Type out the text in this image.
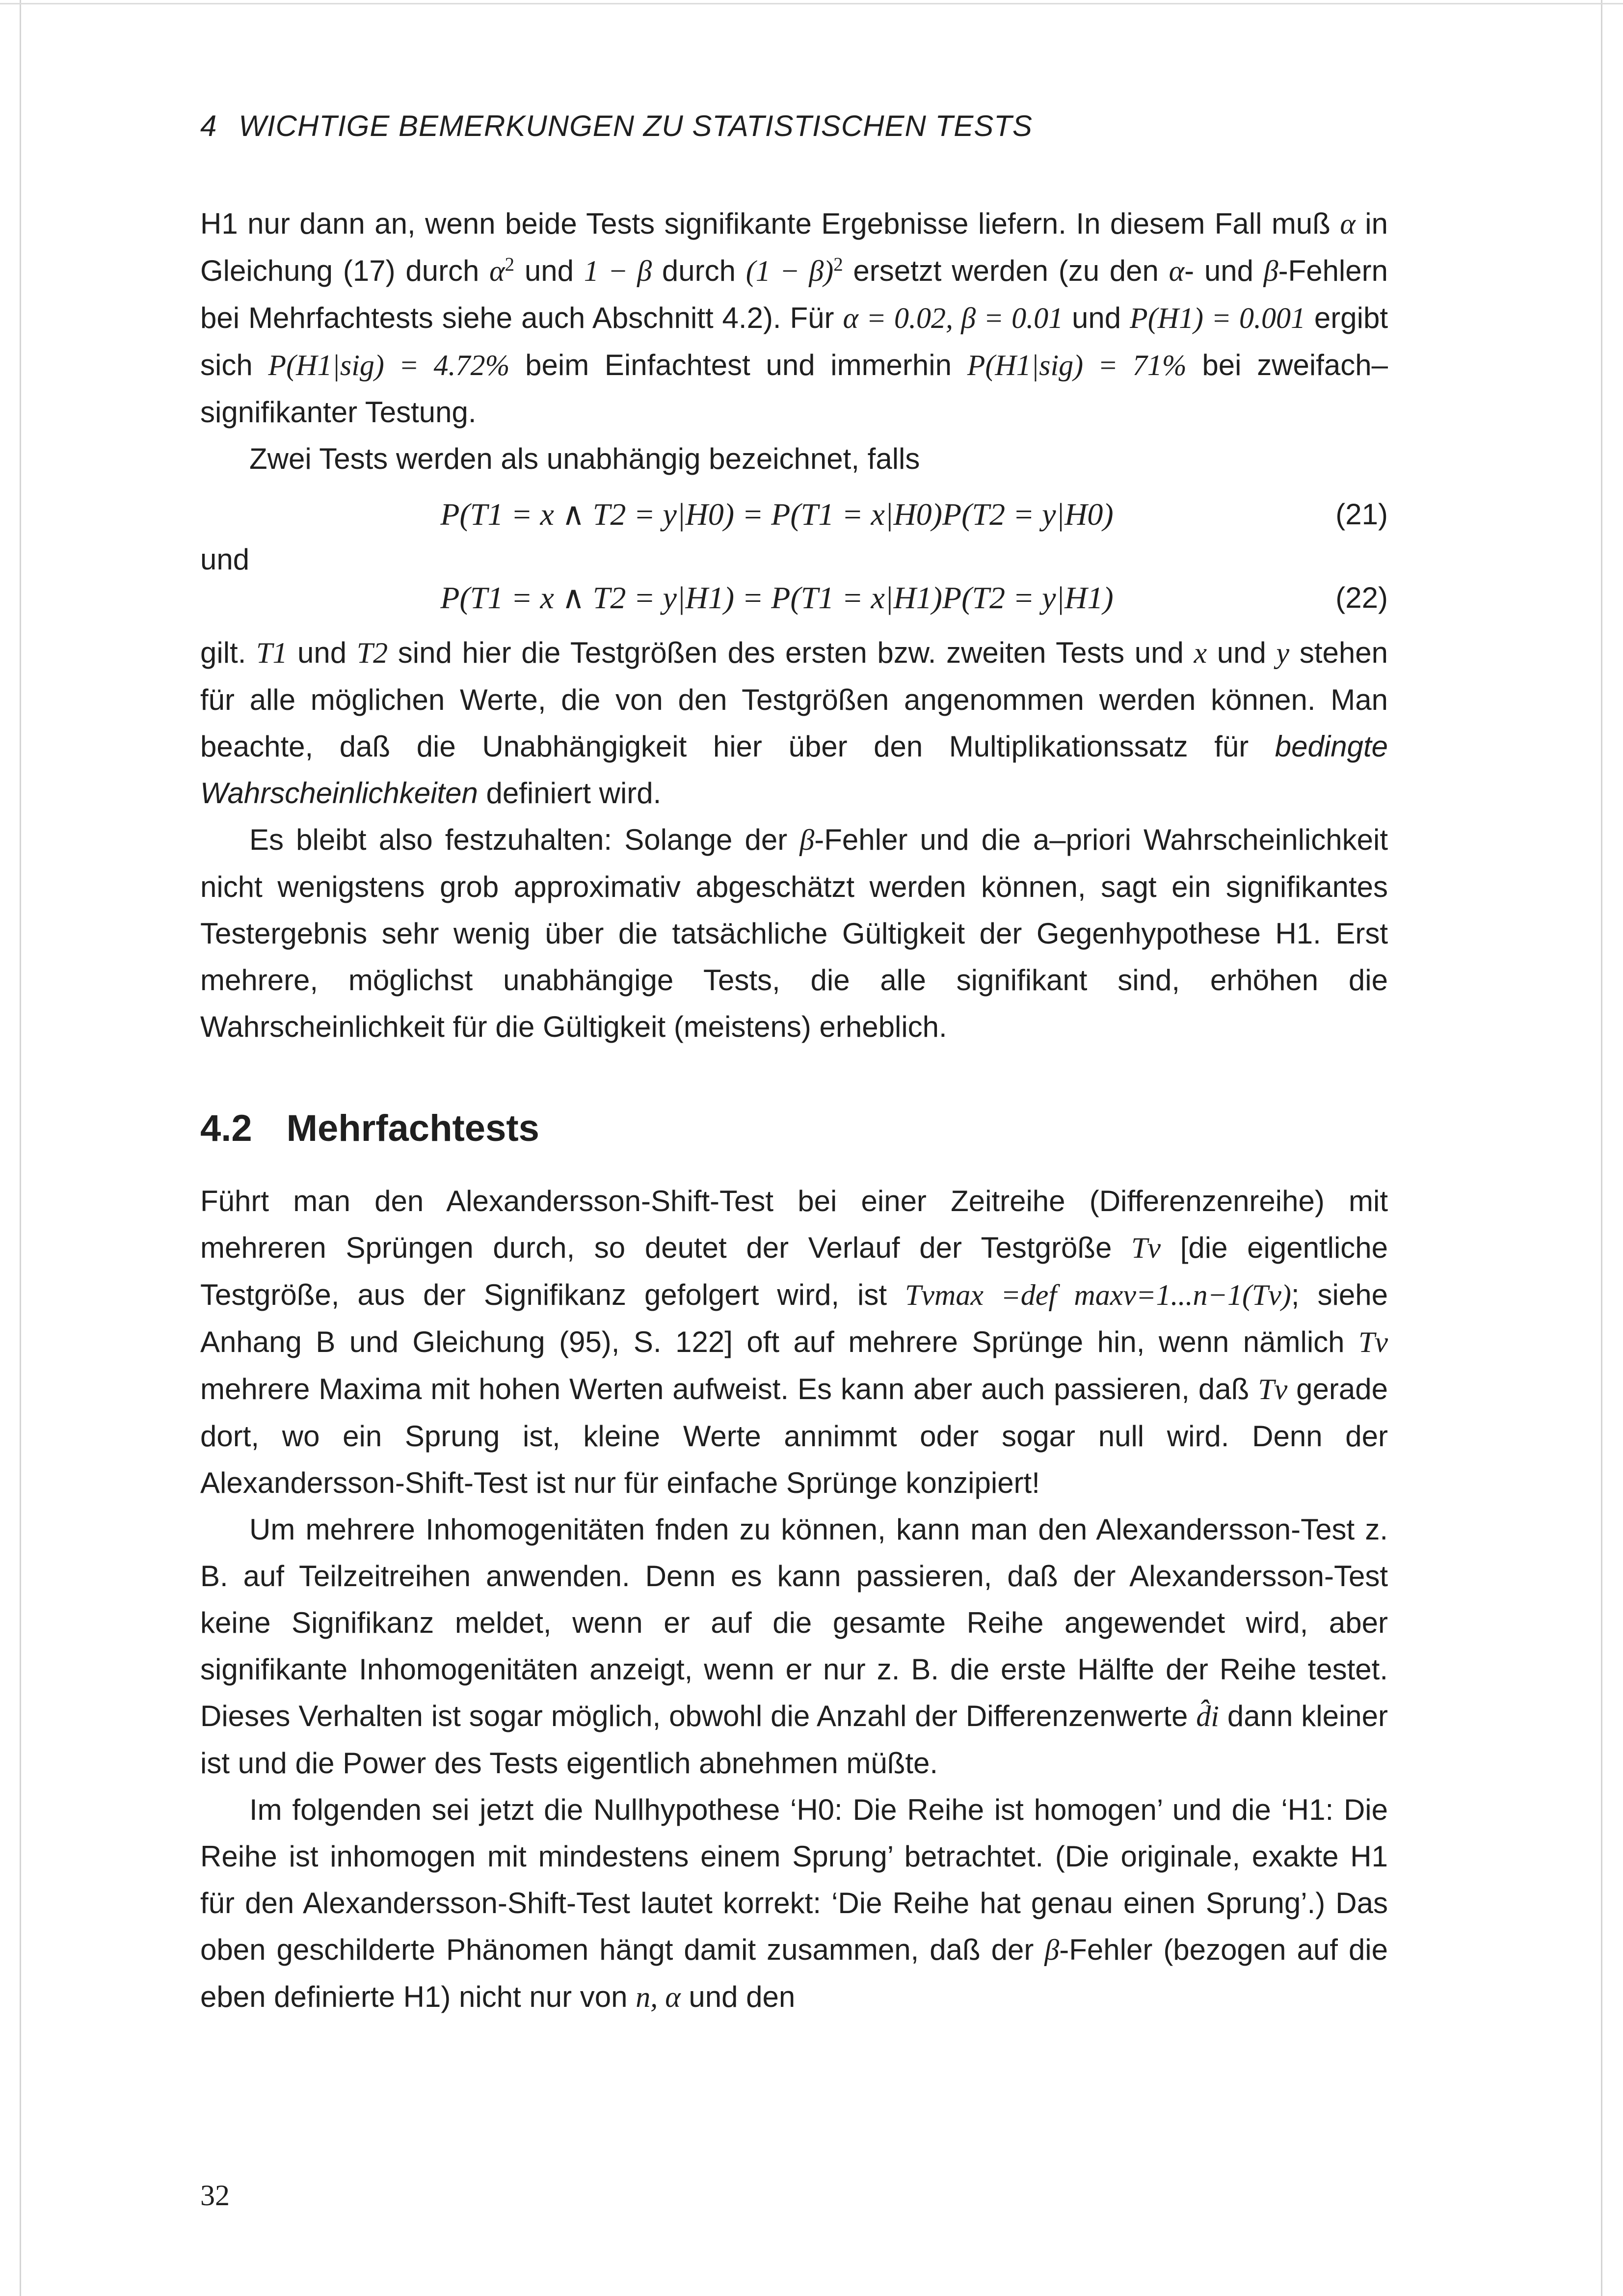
4 WICHTIGE BEMERKUNGEN ZU STATISTISCHEN TESTS

H1 nur dann an, wenn beide Tests signifikante Ergebnisse liefern. In diesem Fall muß α in Gleichung (17) durch $\alpha^2$ und 1 − β durch $(1 - \beta)^2$ ersetzt werden (zu den α- und β-Fehlern bei Mehrfachtests siehe auch Abschnitt 4.2). Für α = 0.02, β = 0.01 und P(H1) = 0.001 ergibt sich P(H1|sig) = 4.72% beim Einfachtest und immerhin P(H1|sig) = 71% bei zweifach–signifikanter Testung.

Zwei Tests werden als unabhängig bezeichnet, falls

P(T1 = x ∧ T2 = y|H0) = P(T1 = x|H0)P(T2 = y|H0)	(21)
und
P(T1 = x ∧ T2 = y|H1) = P(T1 = x|H1)P(T2 = y|H1)	(22)

gilt. T1 und T2 sind hier die Testgrößen des ersten bzw. zweiten Tests und x und y stehen für alle möglichen Werte, die von den Testgrößen angenommen werden können. Man beachte, daß die Unabhängigkeit hier über den Multiplikationssatz für bedingte Wahrscheinlichkeiten definiert wird.

Es bleibt also festzuhalten: Solange der β-Fehler und die a–priori Wahrscheinlichkeit nicht wenigstens grob approximativ abgeschätzt werden können, sagt ein signifikantes Testergebnis sehr wenig über die tatsächliche Gültigkeit der Gegenhypothese H1. Erst mehrere, möglichst unabhängige Tests, die alle signifikant sind, erhöhen die Wahrscheinlichkeit für die Gültigkeit (meistens) erheblich.

4.2 Mehrfachtests

Führt man den Alexandersson-Shift-Test bei einer Zeitreihe (Differenzenreihe) mit mehreren Sprüngen durch, so deutet der Verlauf der Testgröße Tν [die eigentliche Testgröße, aus der Signifikanz gefolgert wird, ist Tνmax =def maxν=1...n−1(Tν); siehe Anhang B und Gleichung (95), S. 122] oft auf mehrere Sprünge hin, wenn nämlich Tν mehrere Maxima mit hohen Werten aufweist. Es kann aber auch passieren, daß Tν gerade dort, wo ein Sprung ist, kleine Werte annimmt oder sogar null wird. Denn der Alexandersson-Shift-Test ist nur für einfache Sprünge konzipiert!

Um mehrere Inhomogenitäten fnden zu können, kann man den Alexandersson-Test z. B. auf Teilzeitreihen anwenden. Denn es kann passieren, daß der Alexandersson-Test keine Signifikanz meldet, wenn er auf die gesamte Reihe angewendet wird, aber signifikante Inhomogenitäten anzeigt, wenn er nur z. B. die erste Hälfte der Reihe testet. Dieses Verhalten ist sogar möglich, obwohl die Anzahl der Differenzenwerte d̂i dann kleiner ist und die Power des Tests eigentlich abnehmen müßte.

Im folgenden sei jetzt die Nullhypothese ‘H0: Die Reihe ist homogen’ und die ‘H1: Die Reihe ist inhomogen mit mindestens einem Sprung’ betrachtet. (Die originale, exakte H1 für den Alexandersson-Shift-Test lautet korrekt: ‘Die Reihe hat genau einen Sprung’.) Das oben geschilderte Phänomen hängt damit zusammen, daß der β-Fehler (bezogen auf die eben definierte H1) nicht nur von n, α und den

32
